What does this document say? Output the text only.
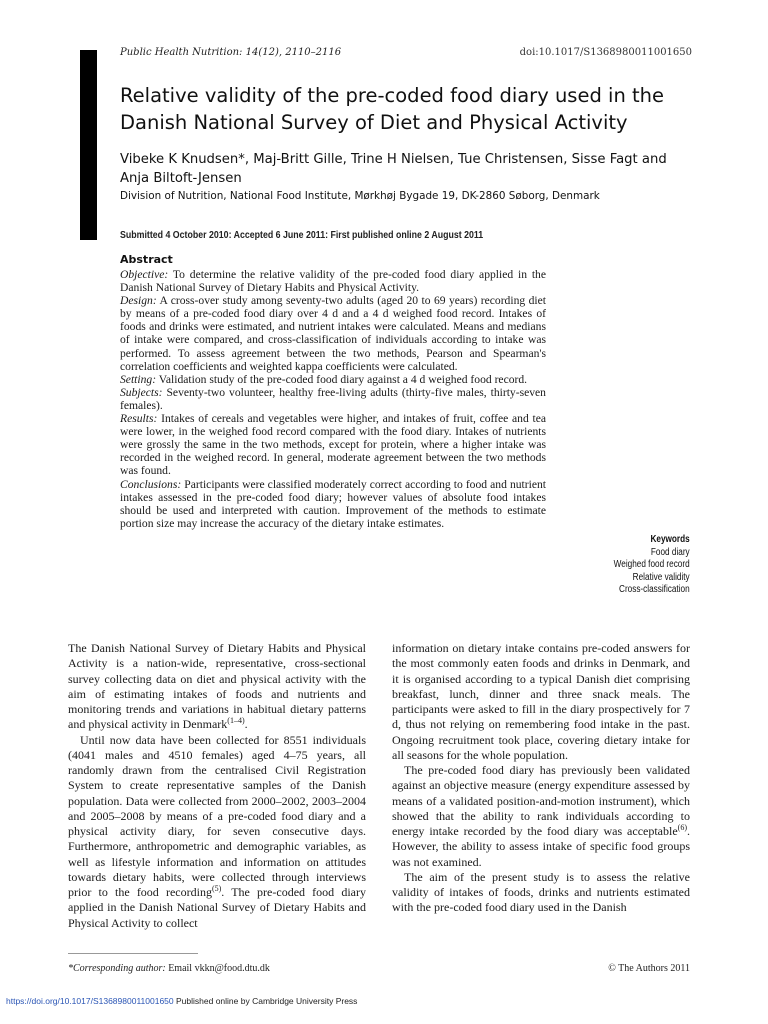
Public Health Nutrition: 14(12), 2110–2116	doi:10.1017/S1368980011001650
Relative validity of the pre-coded food diary used in the Danish National Survey of Diet and Physical Activity
Vibeke K Knudsen*, Maj-Britt Gille, Trine H Nielsen, Tue Christensen, Sisse Fagt and
Anja Biltoft-Jensen
Division of Nutrition, National Food Institute, Mørkhøj Bygade 19, DK-2860 Søborg, Denmark
Submitted 4 October 2010: Accepted 6 June 2011: First published online 2 August 2011
Abstract

Objective: To determine the relative validity of the pre-coded food diary applied in the Danish National Survey of Dietary Habits and Physical Activity.

Design: A cross-over study among seventy-two adults (aged 20 to 69 years) recording diet by means of a pre-coded food diary over 4 d and a 4 d weighed food record. Intakes of foods and drinks were estimated, and nutrient intakes were calculated. Means and medians of intake were compared, and cross-classification of individuals according to intake was performed. To assess agreement between the two methods, Pearson and Spearman's correlation coefficients and weighted kappa coefficients were calculated.

Setting: Validation study of the pre-coded food diary against a 4 d weighed food record.

Subjects: Seventy-two volunteer, healthy free-living adults (thirty-five males, thirty-seven females).

Results: Intakes of cereals and vegetables were higher, and intakes of fruit, coffee and tea were lower, in the weighed food record compared with the food diary. Intakes of nutrients were grossly the same in the two methods, except for protein, where a higher intake was recorded in the weighed record. In general, moderate agreement between the two methods was found.

Conclusions: Participants were classified moderately correct according to food and nutrient intakes assessed in the pre-coded food diary; however values of absolute food intakes should be used and interpreted with caution. Improvement of the methods to estimate portion size may increase the accuracy of the dietary intake estimates.

Keywords
Food diary
Weighed food record
Relative validity
Cross-classification

The Danish National Survey of Dietary Habits and Physical Activity is a nation-wide, representative, cross-sectional survey collecting data on diet and physical activity with the aim of estimating intakes of foods and nutrients and monitoring trends and variations in habitual dietary patterns and physical activity in Denmark$^{(1-4)}$.

Until now data have been collected for 8551 individuals (4041 males and 4510 females) aged 4–75 years, all randomly drawn from the centralised Civil Registration System to create representative samples of the Danish population. Data were collected from 2000–2002, 2003–2004 and 2005–2008 by means of a pre-coded food diary and a physical activity diary, for seven consecutive days. Furthermore, anthropometric and demographic variables, as well as lifestyle information and information on attitudes towards dietary habits, were collected through interviews prior to the food recording$^{(5)}$. The pre-coded food diary applied in the Danish National Survey of Dietary Habits and Physical Activity to collect

information on dietary intake contains pre-coded answers for the most commonly eaten foods and drinks in Denmark, and it is organised according to a typical Danish diet comprising breakfast, lunch, dinner and three snack meals. The participants were asked to fill in the diary prospectively for 7 d, thus not relying on remembering food intake in the past. Ongoing recruitment took place, covering dietary intake for all seasons for the whole population.

The pre-coded food diary has previously been validated against an objective measure (energy expenditure assessed by means of a validated position-and-motion instrument), which showed that the ability to rank individuals according to energy intake recorded by the food diary was acceptable$^{(6)}$. However, the ability to assess intake of specific food groups was not examined.

The aim of the present study is to assess the relative validity of intakes of foods, drinks and nutrients estimated with the pre-coded food diary used in the Danish

*Corresponding author: Email vkkn@food.dtu.dk	© The Authors 2011
https://doi.org/10.1017/S1368980011001650 Published online by Cambridge University Press
